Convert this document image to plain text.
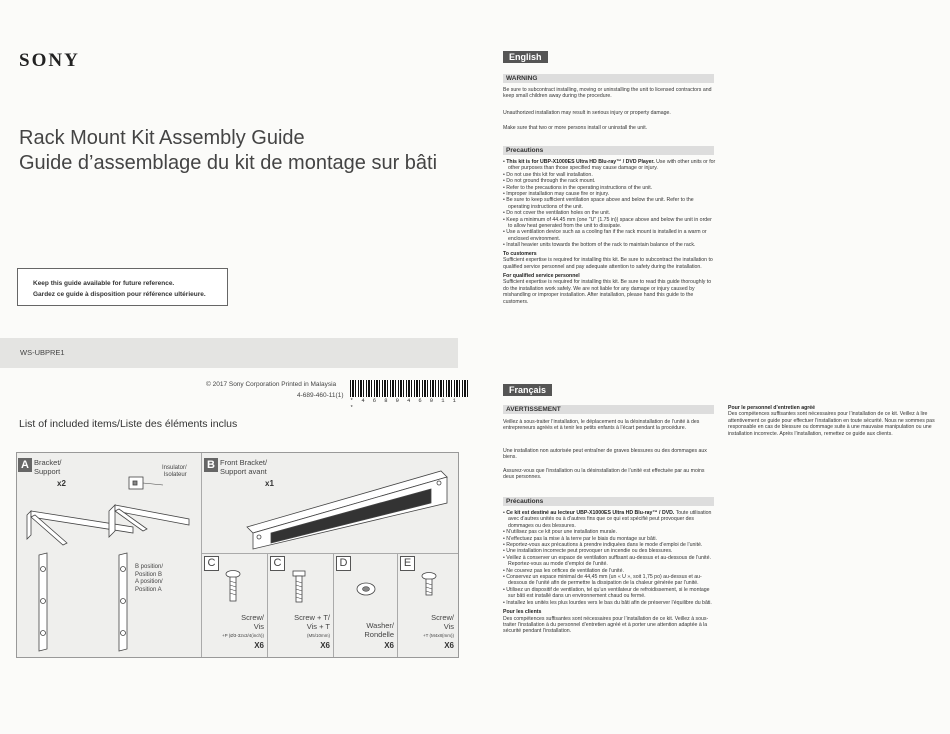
SONY
Rack Mount Kit Assembly Guide
Guide d’assemblage du kit de montage sur bâti
Keep this guide available for future reference.
Gardez ce guide à disposition pour référence ultérieure.
WS-UBPRE1
© 2017 Sony Corporation Printed in Malaysia
4-689-460-11(1)
* 4 6 8 9 4 6 0 1 1 *
List of included items/Liste des éléments inclus
A Bracket/
Support
x2
Insulator/
Isolateur
B position/
Position B
A position/
Position A
B Front Bracket/
Support avant
x1
C
Screw/
Vis
+P (Ø3-32x3/4(inch))
X6
C
Screw + T/
Vis + T
(M5/10mm)
X6
D
Washer/
Rondelle
X6
E
Screw/
Vis
+T (M4x8(mm))
X6
English
WARNING
Be sure to subcontract installing, moving or uninstalling the unit to licensed contractors and keep small children away during the procedure.
Unauthorized installation may result in serious injury or property damage.
Make sure that two or more persons install or uninstall the unit.
Precautions
• This kit is for UBP-X1000ES Ultra HD Blu-ray™ / DVD Player. Use with other units or for other purposes than those specified may cause damage or injury.
• Do not use this kit for wall installation.
• Do not ground through the rack mount.
• Refer to the precautions in the operating instructions of the unit.
• Improper installation may cause fire or injury.
• Be sure to keep sufficient ventilation space above and below the unit. Refer to the operating instructions of the unit.
• Do not cover the ventilation holes on the unit.
• Keep a minimum of 44.45 mm (one "U" (1.75 in)) space above and below the unit in order to allow heat generated from the unit to dissipate.
• Use a ventilation device such as a cooling fan if the rack mount is installed in a warm or enclosed environment.
• Install heavier units towards the bottom of the rack to maintain balance of the rack.
To customers
Sufficient expertise is required for installing this kit. Be sure to subcontract the installation to qualified service personnel and pay adequate attention to safety during the installation.
For qualified service personnel
Sufficient expertise is required for installing this kit. Be sure to read this guide thoroughly to do the installation work safely. We are not liable for any damage or injury caused by mishandling or improper installation. After installation, please hand this guide to the customers.
Français
AVERTISSEMENT
Veillez à sous-traiter l’installation, le déplacement ou la désinstallation de l’unité à des entrepreneurs agréés et à tenir les petits enfants à l’écart pendant la procédure.
Une installation non autorisée peut entraîner de graves blessures ou des dommages aux biens.
Assurez-vous que l’installation ou la désinstallation de l’unité est effectuée par au moins deux personnes.
Précautions
• Ce kit est destiné au lecteur UBP-X1000ES Ultra HD Blu-ray™ / DVD. Toute utilisation avec d’autres unités ou à d’autres fins que ce qui est spécifié peut provoquer des dommages ou des blessures.
• N’utilisez pas ce kit pour une installation murale.
• N’effectuez pas la mise à la terre par le biais du montage sur bâti.
• Reportez-vous aux précautions à prendre indiquées dans le mode d’emploi de l’unité.
• Une installation incorrecte peut provoquer un incendie ou des blessures.
• Veillez à conserver un espace de ventilation suffisant au-dessus et au-dessous de l’unité. Reportez-vous au mode d’emploi de l’unité.
• Ne couvrez pas les orifices de ventilation de l’unité.
• Conservez un espace minimal de 44,45 mm (un « U », soit 1,75 po) au-dessus et au-dessous de l’unité afin de permettre la dissipation de la chaleur générée par l’unité.
• Utilisez un dispositif de ventilation, tel qu’un ventilateur de refroidissement, si le montage sur bâti est installé dans un environnement chaud ou fermé.
• Installez les unités les plus lourdes vers le bas du bâti afin de préserver l’équilibre du bâti.
Pour les clients
Des compétences suffisantes sont nécessaires pour l’installation de ce kit. Veillez à sous-traiter l’installation à du personnel d’entretien agréé et à porter une attention adaptée à la sécurité pendant l’installation.
Pour le personnel d’entretien agréé
Des compétences suffisantes sont nécessaires pour l’installation de ce kit. Veillez à lire attentivement ce guide pour effectuer l’installation en toute sécurité. Nous ne sommes pas responsable en cas de blessure ou dommage suite à une mauvaise manipulation ou une installation incorrecte. Après l’installation, remettez ce guide aux clients.
